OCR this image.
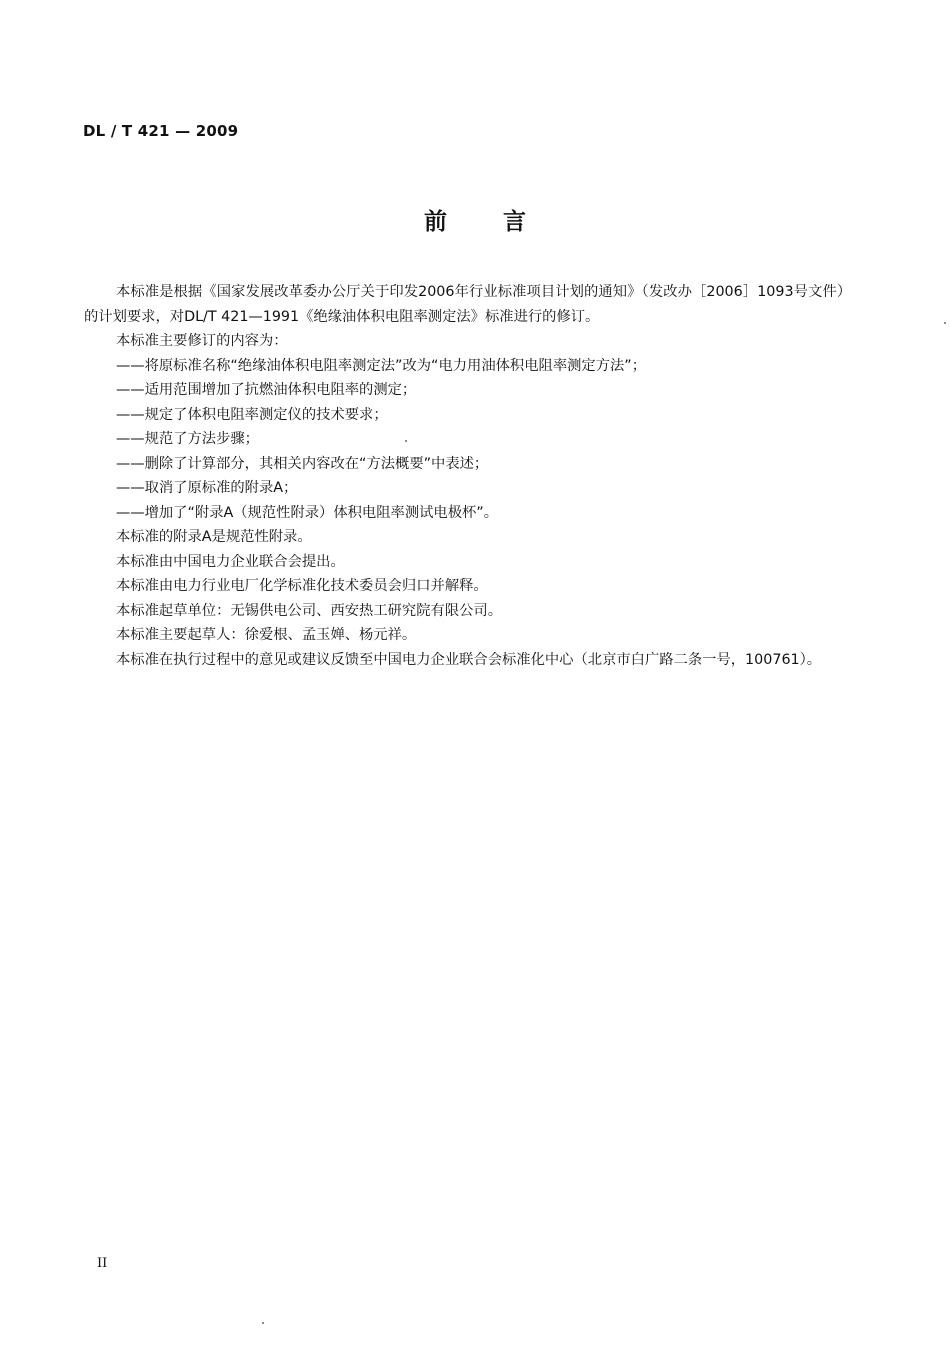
DL / T 421 — 2009
前 言

本标准是根据《国家发展改革委办公厅关于印发2006年行业标准项目计划的通知》（发改办［2006］1093号文件）的计划要求，对DL/T 421—1991《绝缘油体积电阻率测定法》标准进行的修订。

本标准主要修订的内容为：

——将原标准名称“绝缘油体积电阻率测定法”改为“电力用油体积电阻率测定方法”；

——适用范围增加了抗燃油体积电阻率的测定；

——规定了体积电阻率测定仪的技术要求；

——规范了方法步骤；

——删除了计算部分，其相关内容改在“方法概要”中表述；

——取消了原标准的附录A；

——增加了“附录A（规范性附录）体积电阻率测试电极杯”。

本标准的附录A是规范性附录。

本标准由中国电力企业联合会提出。

本标准由电力行业电厂化学标准化技术委员会归口并解释。

本标准起草单位：无锡供电公司、西安热工研究院有限公司。

本标准主要起草人：徐爱根、孟玉婵、杨元祥。

本标准在执行过程中的意见或建议反馈至中国电力企业联合会标准化中心（北京市白广路二条一号，100761）。

II
